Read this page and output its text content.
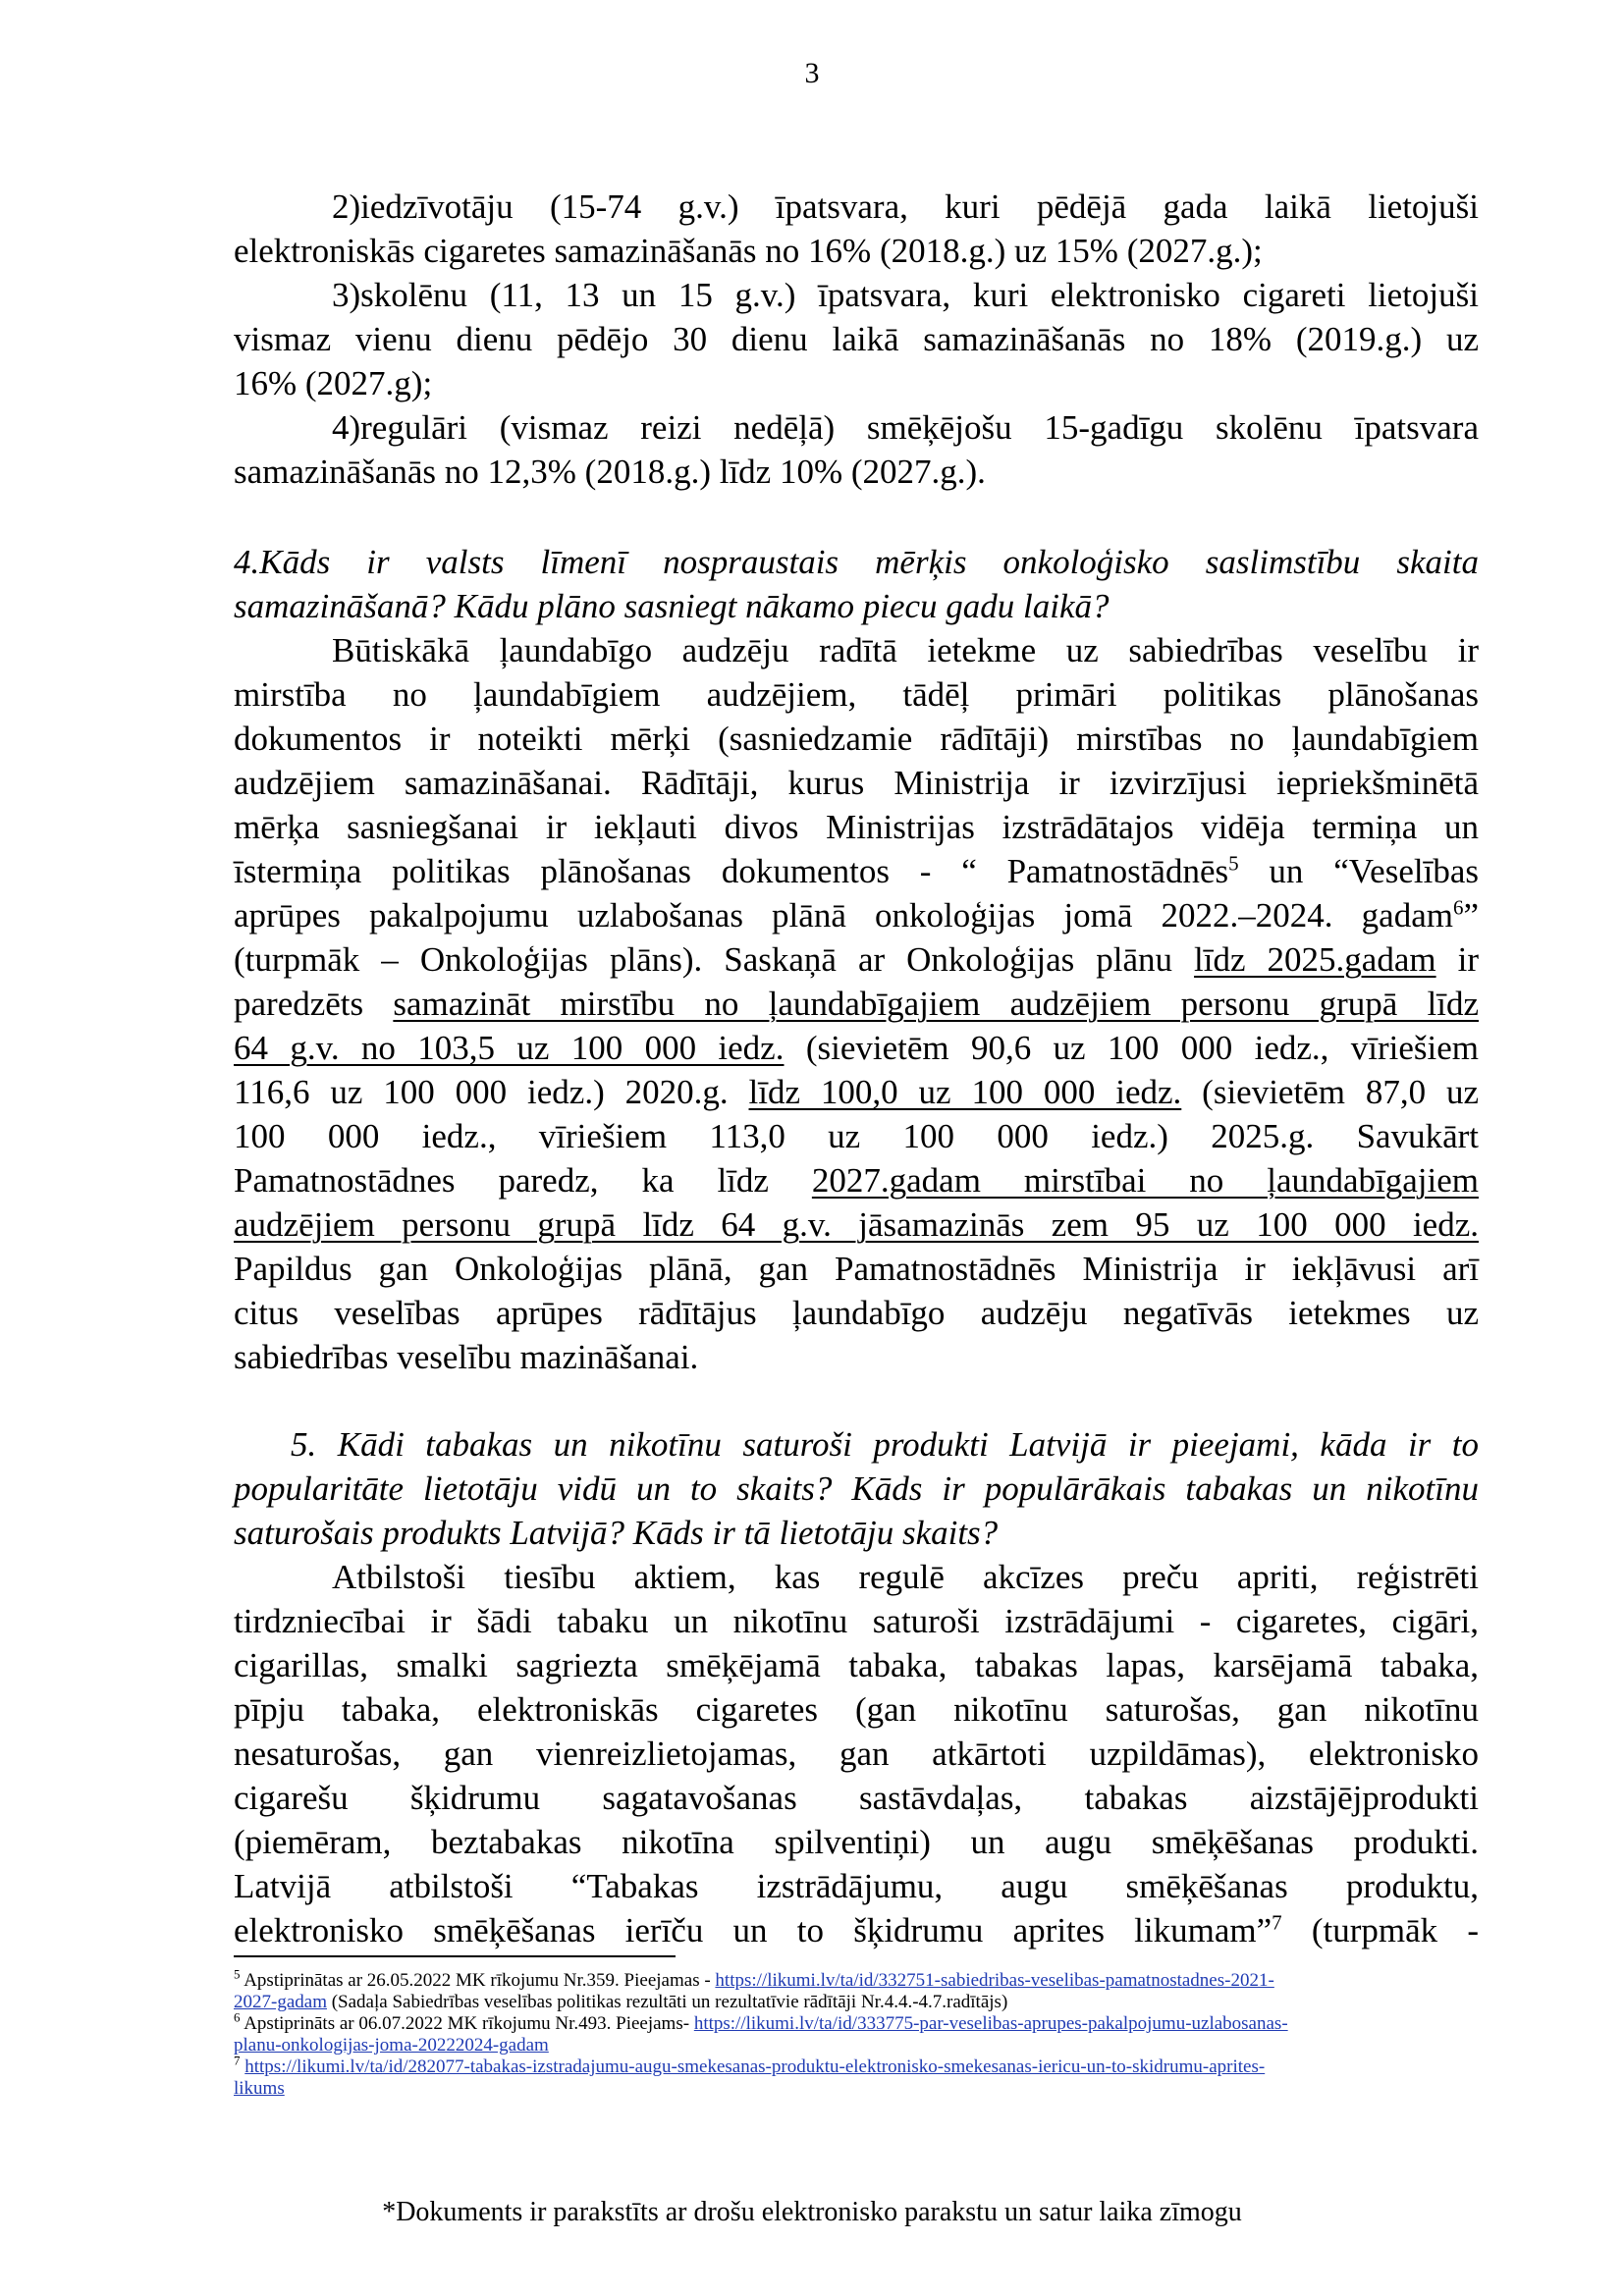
3
2)iedzīvotāju (15-74 g.v.) īpatsvara, kuri pēdējā gada laikā lietojuši
elektroniskās cigaretes samazināšanās no 16% (2018.g.) uz 15% (2027.g.);
3)skolēnu (11, 13 un 15 g.v.) īpatsvara, kuri elektronisko cigareti lietojuši
vismaz vienu dienu pēdējo 30 dienu laikā samazināšanās no 18% (2019.g.) uz
16% (2027.g);
4)regulāri (vismaz reizi nedēļā) smēķējošu 15-gadīgu skolēnu īpatsvara
samazināšanās no 12,3% (2018.g.) līdz 10% (2027.g.).
4.Kāds ir valsts līmenī nospraustais mērķis onkoloģisko saslimstību skaita
samazināšanā? Kādu plāno sasniegt nākamo piecu gadu laikā?
Būtiskākā ļaundabīgo audzēju radītā ietekme uz sabiedrības veselību ir
mirstība no ļaundabīgiem audzējiem, tādēļ primāri politikas plānošanas
dokumentos ir noteikti mērķi (sasniedzamie rādītāji) mirstības no ļaundabīgiem
audzējiem samazināšanai. Rādītāji, kurus Ministrija ir izvirzījusi iepriekšminētā
mērķa sasniegšanai ir iekļauti divos Ministrijas izstrādātajos vidēja termiņa un
īstermiņa politikas plānošanas dokumentos - “ Pamatnostādnēs$^5$ un “Veselības
aprūpes pakalpojumu uzlabošanas plānā onkoloģijas jomā 2022.–2024. gadam$^6$”
(turpmāk – Onkoloģijas plāns). Saskaņā ar Onkoloģijas plānu līdz 2025.gadam ir
paredzēts samazināt mirstību no ļaundabīgajiem audzējiem personu grupā līdz
64 g.v. no 103,5 uz 100 000 iedz. (sievietēm 90,6 uz 100 000 iedz., vīriešiem
116,6 uz 100 000 iedz.) 2020.g. līdz 100,0 uz 100 000 iedz. (sievietēm 87,0 uz
100 000 iedz., vīriešiem 113,0 uz 100 000 iedz.) 2025.g. Savukārt
Pamatnostādnes paredz, ka līdz 2027.gadam mirstībai no ļaundabīgajiem
audzējiem personu grupā līdz 64 g.v. jāsamazinās zem 95 uz 100 000 iedz.
Papildus gan Onkoloģijas plānā, gan Pamatnostādnēs Ministrija ir iekļāvusi arī
citus veselības aprūpes rādītājus ļaundabīgo audzēju negatīvās ietekmes uz
sabiedrības veselību mazināšanai.
5. Kādi tabakas un nikotīnu saturoši produkti Latvijā ir pieejami, kāda ir to
popularitāte lietotāju vidū un to skaits? Kāds ir populārākais tabakas un nikotīnu
saturošais produkts Latvijā? Kāds ir tā lietotāju skaits?
Atbilstoši tiesību aktiem, kas regulē akcīzes preču apriti, reģistrēti
tirdzniecībai ir šādi tabaku un nikotīnu saturoši izstrādājumi - cigaretes, cigāri,
cigarillas, smalki sagriezta smēķējamā tabaka, tabakas lapas, karsējamā tabaka,
pīpju tabaka, elektroniskās cigaretes (gan nikotīnu saturošas, gan nikotīnu
nesaturošas, gan vienreizlietojamas, gan atkārtoti uzpildāmas), elektronisko
cigarešu šķidrumu sagatavošanas sastāvdaļas, tabakas aizstājējprodukti
(piemēram, beztabakas nikotīna spilventiņi) un augu smēķēšanas produkti.
Latvijā atbilstoši “Tabakas izstrādājumu, augu smēķēšanas produktu,
elektronisko smēķēšanas ierīču un to šķidrumu aprites likumam”$^7$ (turpmāk -
$^5$ Apstiprinātas ar 26.05.2022 MK rīkojumu Nr.359. Pieejamas - https://likumi.lv/ta/id/332751-sabiedribas-veselibas-pamatnostadnes-2021-
2027-gadam (Sadaļa Sabiedrības veselības politikas rezultāti un rezultatīvie rādītāji Nr.4.4.-4.7.radītājs)
$^6$ Apstiprināts ar 06.07.2022 MK rīkojumu Nr.493. Pieejams- https://likumi.lv/ta/id/333775-par-veselibas-aprupes-pakalpojumu-uzlabosanas-
planu-onkologijas-joma-20222024-gadam
$^7$ https://likumi.lv/ta/id/282077-tabakas-izstradajumu-augu-smekesanas-produktu-elektronisko-smekesanas-iericu-un-to-skidrumu-aprites-
likums
*Dokuments ir parakstīts ar drošu elektronisko parakstu un satur laika zīmogu
